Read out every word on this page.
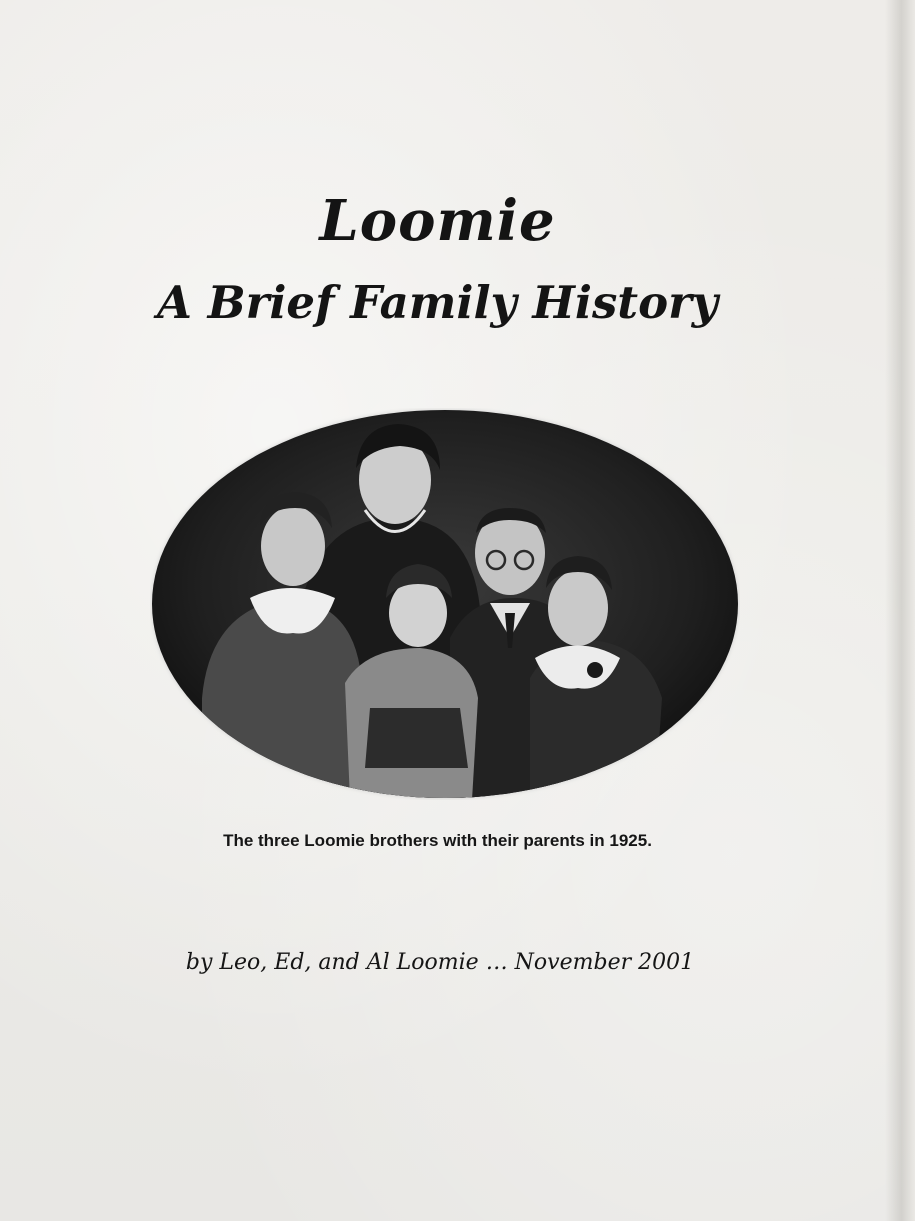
Loomie
A Brief Family History
The three Loomie brothers with their parents in 1925.
by Leo, Ed, and Al Loomie … November 2001
